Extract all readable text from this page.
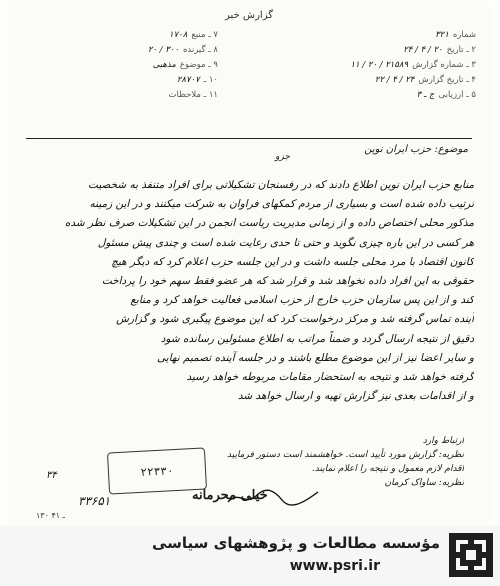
گزارش خبر
شماره
۳۲۱
۲ ـ تاریخ
۲۰ / ۴ / ۲۴
۳ ـ شماره گزارش
۲۱۵۸۹ / ۲۰ / ۱۱
۴ ـ تاریخ گزارش
۲۴ / ۴ / ۲۲
۵ ـ ارزیابی
ج ـ ۳
۷ ـ منبع
۱۷۰۸
۸ ـ گیرنده
۳۰۰ / ۲۰
۹ ـ موضوع
مذهبی
۱۰ ـ
۲۸۷۰۷
۱۱ ـ ملاحظات
موضوع: حزب ایران نوین
جزو
منابع حزب ایران نوین اطلاع دادند که در رفسنجان تشکیلاتی برای افراد متنفذ به شخصیت
ترتیب داده شده است و بسیاری از مردم کمکهای فراوان به شرکت میکنند و در این زمینه
مذکور محلی اختصاص داده و از زمانی مدیریت ریاست انجمن در این تشکیلات صرف نظر شده
هر کسی در این باره چیزی نگوید و حتی تا حدی رعایت شده است و چندی پیش مسئول
کانون اقتصاد با مرد محلی جلسه داشت و در این جلسه حزب اعلام کرد که دیگر هیچ
حقوقی به این افراد داده نخواهد شد و قرار شد که هر عضو فقط سهم خود را پرداخت
کند و از این پس سازمان حزب خارج از حزب اسلامی فعالیت خواهد کرد و منابع
آینده تماس گرفته شد و مرکز درخواست کرد که این موضوع پیگیری شود و گزارش
دقیق از نتیجه ارسال گردد و ضمناً مراتب به اطلاع مسئولین رسانده شود
و سایر اعضا نیز از این موضوع مطلع باشند و در جلسه آینده تصمیم نهایی
گرفته خواهد شد و نتیجه به استحضار مقامات مربوطه خواهد رسید
و از اقدامات بعدی نیز گزارش تهیه و ارسال خواهد شد
ارتباط وارد
نظریه: گزارش مورد تأیید است. خواهشمند است دستور فرمایید
اقدام لازم معمول و نتیجه را اعلام نمایند.
نظریه: ساواک کرمان
۲۲۳۳۰
۳۳۶۵۱
۳۴
خیلی محرمانه
۱۳۰ ـ ۴۱
مؤسسه مطالعات و پژوهشهای سیاسی
www.psri.ir
